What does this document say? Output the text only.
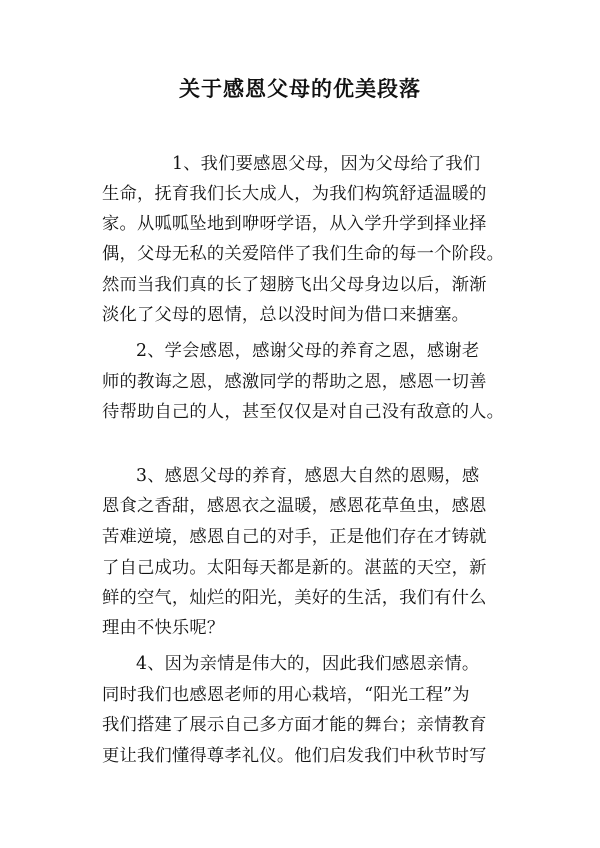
关于感恩父母的优美段落
1、我们要感恩父母，因为父母给了我们
生命，抚育我们长大成人，为我们构筑舒适温暖的
家。从呱呱坠地到咿呀学语，从入学升学到择业择
偶，父母无私的关爱陪伴了我们生命的每一个阶段。
然而当我们真的长了翅膀飞出父母身边以后，渐渐
淡化了父母的恩情，总以没时间为借口来搪塞。
2、学会感恩，感谢父母的养育之恩，感谢老
师的教诲之恩，感激同学的帮助之恩，感恩一切善
待帮助自己的人，甚至仅仅是对自己没有敌意的人。
3、感恩父母的养育，感恩大自然的恩赐，感
恩食之香甜，感恩衣之温暖，感恩花草鱼虫，感恩
苦难逆境，感恩自己的对手，正是他们存在才铸就
了自己成功。太阳每天都是新的。湛蓝的天空，新
鲜的空气，灿烂的阳光，美好的生活，我们有什么
理由不快乐呢？
4、因为亲情是伟大的，因此我们感恩亲情。
同时我们也感恩老师的用心栽培，“阳光工程”为
我们搭建了展示自己多方面才能的舞台；亲情教育
更让我们懂得尊孝礼仪。他们启发我们中秋节时写
